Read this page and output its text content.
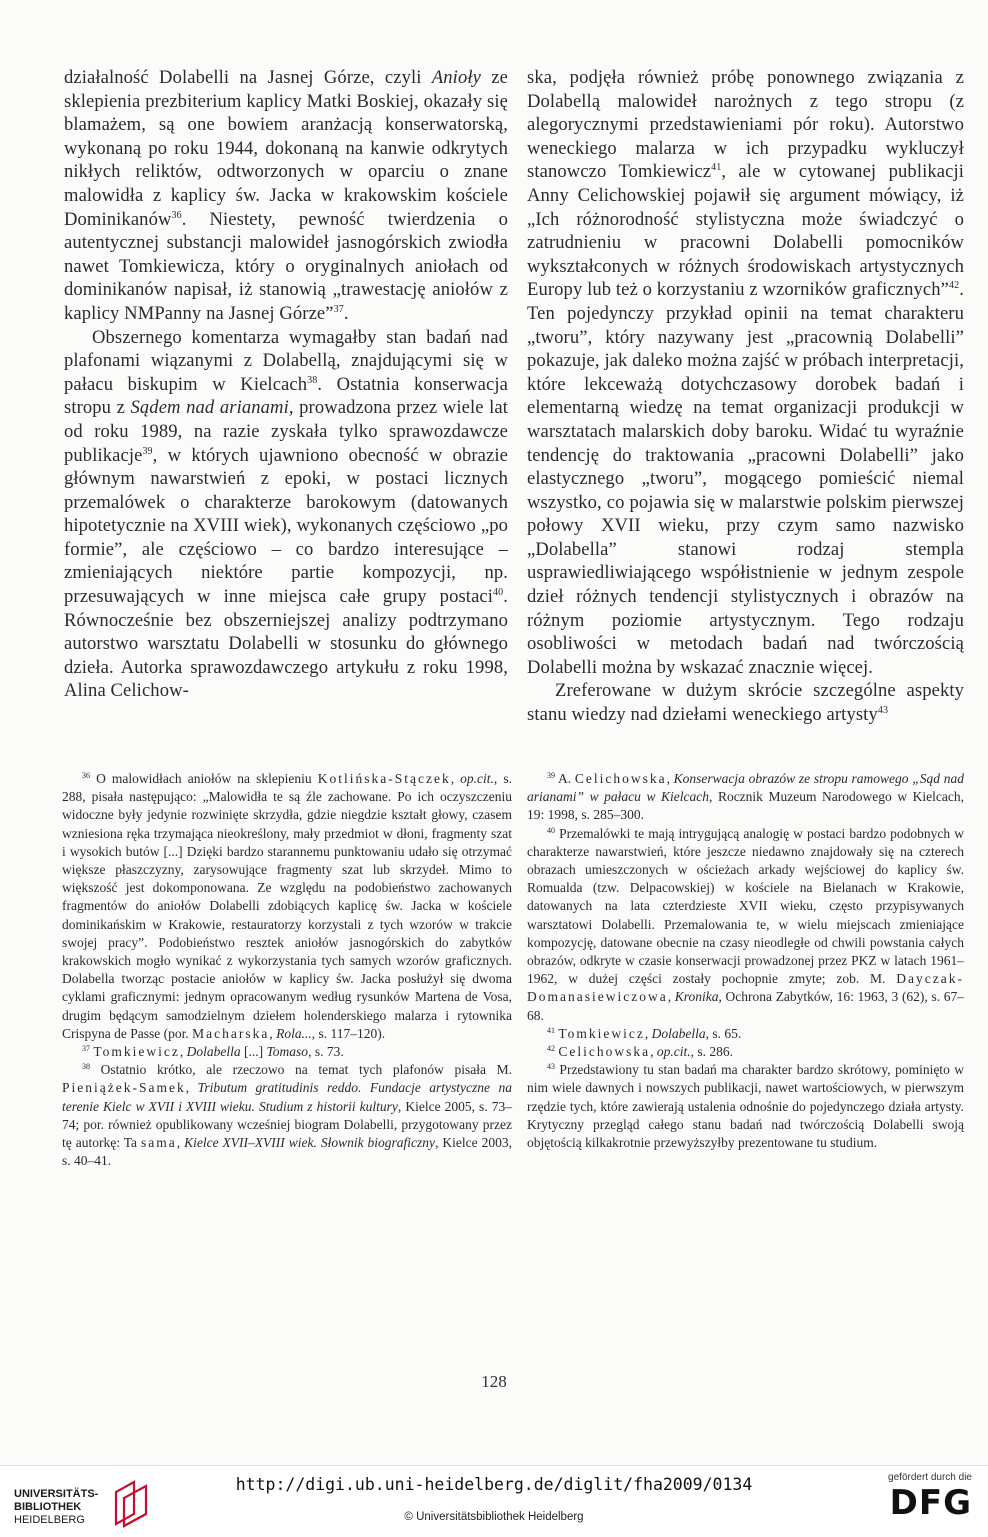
działalność Dolabelli na Jasnej Górze, czyli Anioły ze sklepienia prezbiterium kaplicy Matki Boskiej, okazały się blamażem, są one bowiem aranżacją konserwatorską, wykonaną po roku 1944, dokonaną na kanwie odkrytych nikłych reliktów, odtworzonych w oparciu o znane malowidła z kaplicy św. Jacka w krakowskim kościele Dominikanów$^{36}$. Niestety, pewność twierdzenia o autentycznej substancji malowideł jasnogórskich zwiodła nawet Tomkiewicza, który o oryginalnych aniołach od dominikanów napisał, iż stanowią „trawestację aniołów z kaplicy NMPanny na Jasnej Górze”$^{37}$.

Obszernego komentarza wymagałby stan badań nad plafonami wiązanymi z Dolabellą, znajdującymi się w pałacu biskupim w Kielcach$^{38}$. Ostatnia konserwacja stropu z Sądem nad arianami, prowadzona przez wiele lat od roku 1989, na razie zyskała tylko sprawozdawcze publikacje$^{39}$, w których ujawniono obecność w obrazie głównym nawarstwień z epoki, w postaci licznych przemalówek o charakterze barokowym (datowanych hipotetycznie na XVIII wiek), wykonanych częściowo „po formie”, ale częściowo – co bardzo interesujące – zmieniających niektóre partie kompozycji, np. przesuwających w inne miejsca całe grupy postaci$^{40}$. Równocześnie bez obszerniejszej analizy podtrzymano autorstwo warsztatu Dolabelli w stosunku do głównego dzieła. Autorka sprawozdawczego artykułu z roku 1998, Alina Celichow-

ska, podjęła również próbę ponownego związania z Dolabellą malowideł narożnych z tego stropu (z alegorycznymi przedstawieniami pór roku). Autorstwo weneckiego malarza w ich przypadku wykluczył stanowczo Tomkiewicz$^{41}$, ale w cytowanej publikacji Anny Celichowskiej pojawił się argument mówiący, iż „Ich różnorodność stylistyczna może świadczyć o zatrudnieniu w pracowni Dolabelli pomocników wykształconych w różnych środowiskach artystycznych Europy lub też o korzystaniu z wzorników graficznych”$^{42}$. Ten pojedynczy przykład opinii na temat charakteru „tworu”, który nazywany jest „pracownią Dolabelli” pokazuje, jak daleko można zajść w próbach interpretacji, które lekceważą dotychczasowy dorobek badań i elementarną wiedzę na temat organizacji produkcji w warsztatach malarskich doby baroku. Widać tu wyraźnie tendencję do traktowania „pracowni Dolabelli” jako elastycznego „tworu”, mogącego pomieścić niemal wszystko, co pojawia się w malarstwie polskim pierwszej połowy XVII wieku, przy czym samo nazwisko „Dolabella” stanowi rodzaj stempla usprawiedliwiającego współistnienie w jednym zespole dzieł różnych tendencji stylistycznych i obrazów na różnym poziomie artystycznym. Tego rodzaju osobliwości w metodach badań nad twórczością Dolabelli można by wskazać znacznie więcej.

Zreferowane w dużym skrócie szczególne aspekty stanu wiedzy nad dziełami weneckiego artysty$^{43}$

$^{36}$ O malowidłach aniołów na sklepieniu Kotlińska-Stączek, op.cit., s. 288, pisała następująco: „Malowidła te są źle zachowane. Po ich oczyszczeniu widoczne były jedynie rozwinięte skrzydła, gdzie niegdzie kształt głowy, czasem wzniesiona ręka trzymająca nieokreślony, mały przedmiot w dłoni, fragmenty szat i wysokich butów [...] Dzięki bardzo starannemu punktowaniu udało się otrzymać większe płaszczyzny, zarysowujące fragmenty szat lub skrzydeł. Mimo to większość jest dokomponowana. Ze względu na podobieństwo zachowanych fragmentów do aniołów Dolabelli zdobiących kaplicę św. Jacka w kościele dominikańskim w Krakowie, restauratorzy korzystali z tych wzorów w trakcie swojej pracy”. Podobieństwo resztek aniołów jasnogórskich do zabytków krakowskich mogło wynikać z wykorzystania tych samych wzorów graficznych. Dolabella tworząc postacie aniołów w kaplicy św. Jacka posłużył się dwoma cyklami graficznymi: jednym opracowanym według rysunków Martena de Vosa, drugim będącym samodzielnym dziełem holenderskiego malarza i rytownika Crispyna de Passe (por. Macharska, Rola..., s. 117–120).

$^{37}$ Tomkiewicz, Dolabella [...] Tomaso, s. 73.

$^{38}$ Ostatnio krótko, ale rzeczowo na temat tych plafonów pisała M. Pieniążek-Samek, Tributum gratitudinis reddo. Fundacje artystyczne na terenie Kielc w XVII i XVIII wieku. Studium z historii kultury, Kielce 2005, s. 73–74; por. również opublikowany wcześniej biogram Dolabelli, przygotowany przez tę autorkę: Ta sama, Kielce XVII–XVIII wiek. Słownik biograficzny, Kielce 2003, s. 40–41.

$^{39}$ A. Celichowska, Konserwacja obrazów ze stropu ramowego „Sąd nad arianami” w pałacu w Kielcach, Rocznik Muzeum Narodowego w Kielcach, 19: 1998, s. 285–300.

$^{40}$ Przemalówki te mają intrygującą analogię w postaci bardzo podobnych w charakterze nawarstwień, które jeszcze niedawno znajdowały się na czterech obrazach umieszczonych w ościeżach arkady wejściowej do kaplicy św. Romualda (tzw. Delpacowskiej) w kościele na Bielanach w Krakowie, datowanych na lata czterdzieste XVII wieku, często przypisywanych warsztatowi Dolabelli. Przemalowania te, w wielu miejscach zmieniające kompozycję, datowane obecnie na czasy nieodległe od chwili powstania całych obrazów, odkryte w czasie konserwacji prowadzonej przez PKZ w latach 1961–1962, w dużej części zostały pochopnie zmyte; zob. M. Dayczak-Domanasiewiczowa, Kronika, Ochrona Zabytków, 16: 1963, 3 (62), s. 67–68.

$^{41}$ Tomkiewicz, Dolabella, s. 65.

$^{42}$ Celichowska, op.cit., s. 286.

$^{43}$ Przedstawiony tu stan badań ma charakter bardzo skrótowy, pominięto w nim wiele dawnych i nowszych publikacji, nawet wartościowych, w pierwszym rzędzie tych, które zawierają ustalenia odnośnie do pojedynczego działa artysty. Krytyczny przegląd całego stanu badań nad twórczością Dolabelli swoją objętością kilkakrotnie przewyższyłby prezentowane tu studium.

128
UNIVERSITÄTS-
BIBLIOTHEK
HEIDELBERG
http://digi.ub.uni-heidelberg.de/diglit/fha2009/0134
© Universitätsbibliothek Heidelberg
gefördert durch die
DFG
